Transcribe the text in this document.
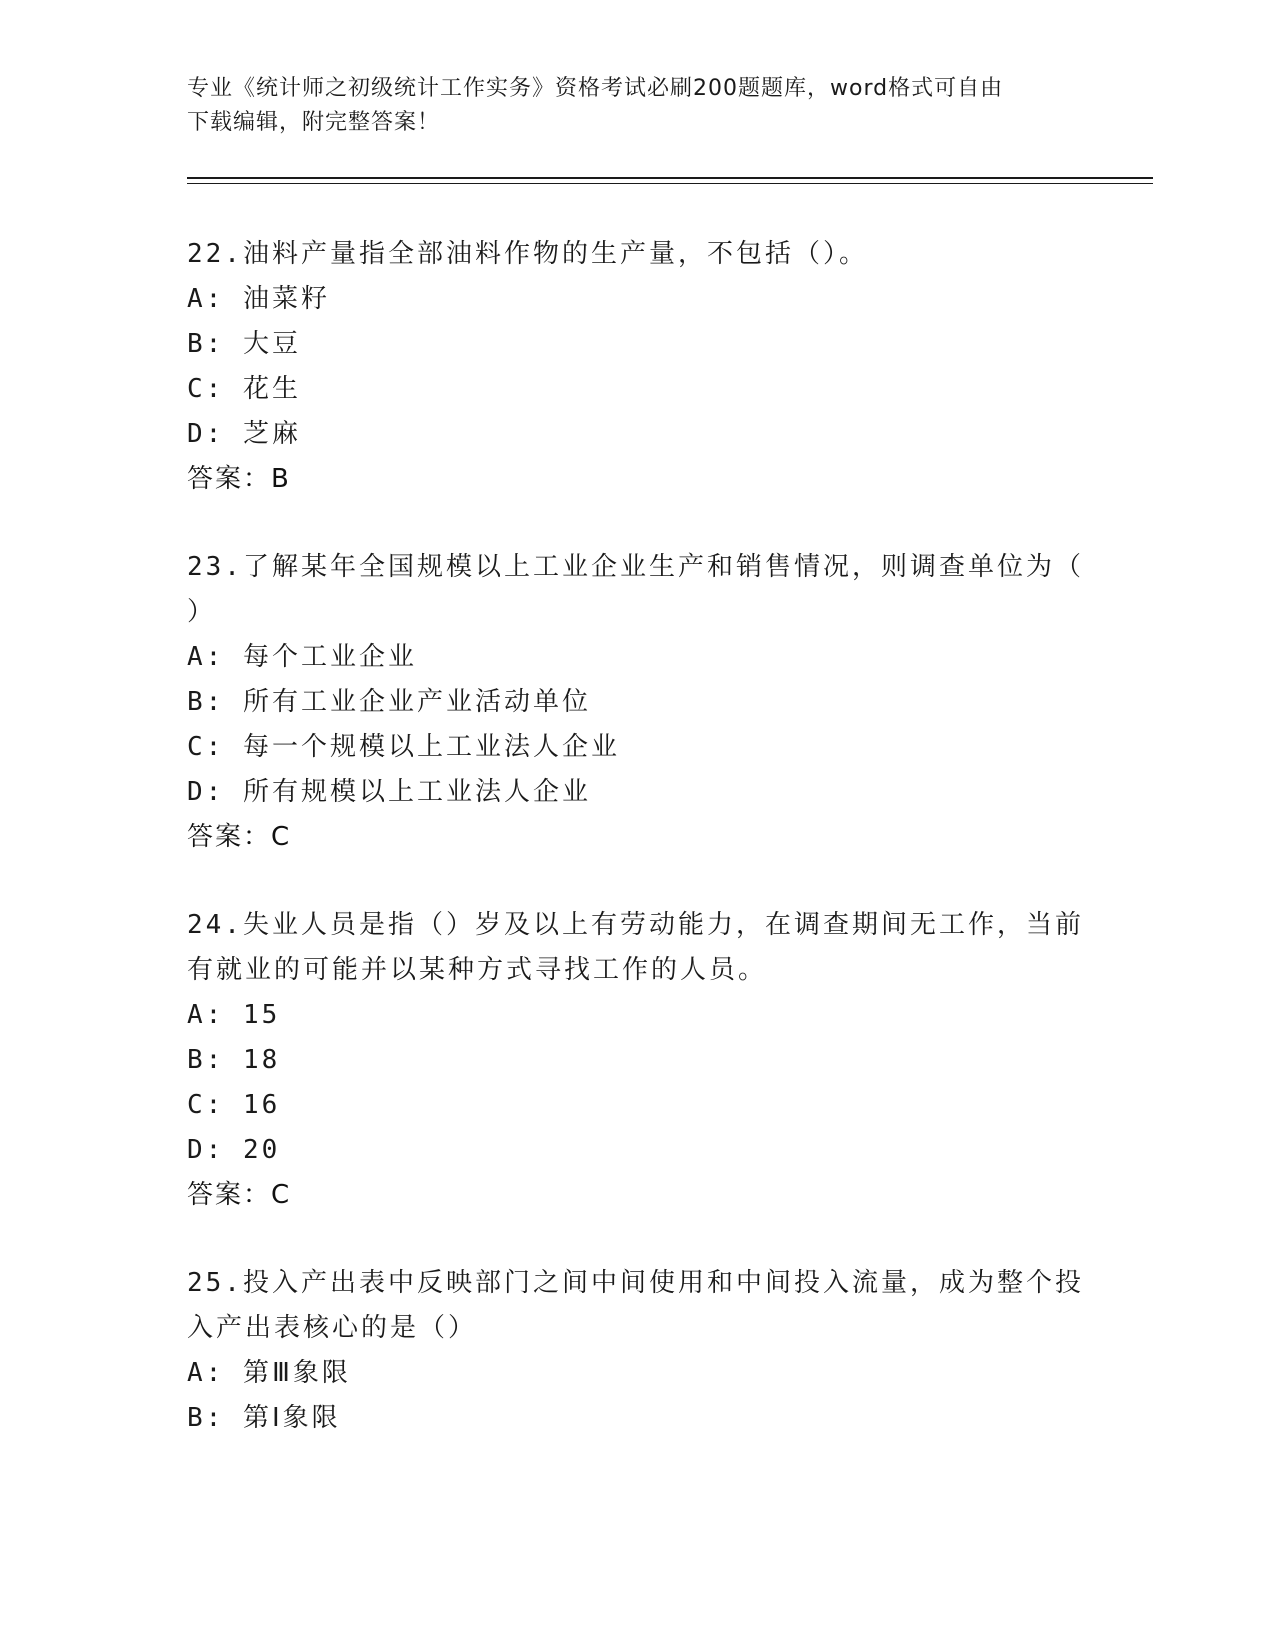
专业《统计师之初级统计工作实务》资格考试必刷200题题库，word格式可自由
下载编辑，附完整答案！
22.油料产量指全部油料作物的生产量，不包括（）。
A: 油菜籽
B: 大豆
C: 花生
D: 芝麻
答案：B
23.了解某年全国规模以上工业企业生产和销售情况，则调查单位为（
）
A: 每个工业企业
B: 所有工业企业产业活动单位
C: 每一个规模以上工业法人企业
D: 所有规模以上工业法人企业
答案：C
24.失业人员是指（）岁及以上有劳动能力，在调查期间无工作，当前
有就业的可能并以某种方式寻找工作的人员。
A: 15
B: 18
C: 16
D: 20
答案：C
25.投入产出表中反映部门之间中间使用和中间投入流量，成为整个投
入产出表核心的是（）
A: 第Ⅲ象限
B: 第Ⅰ象限
